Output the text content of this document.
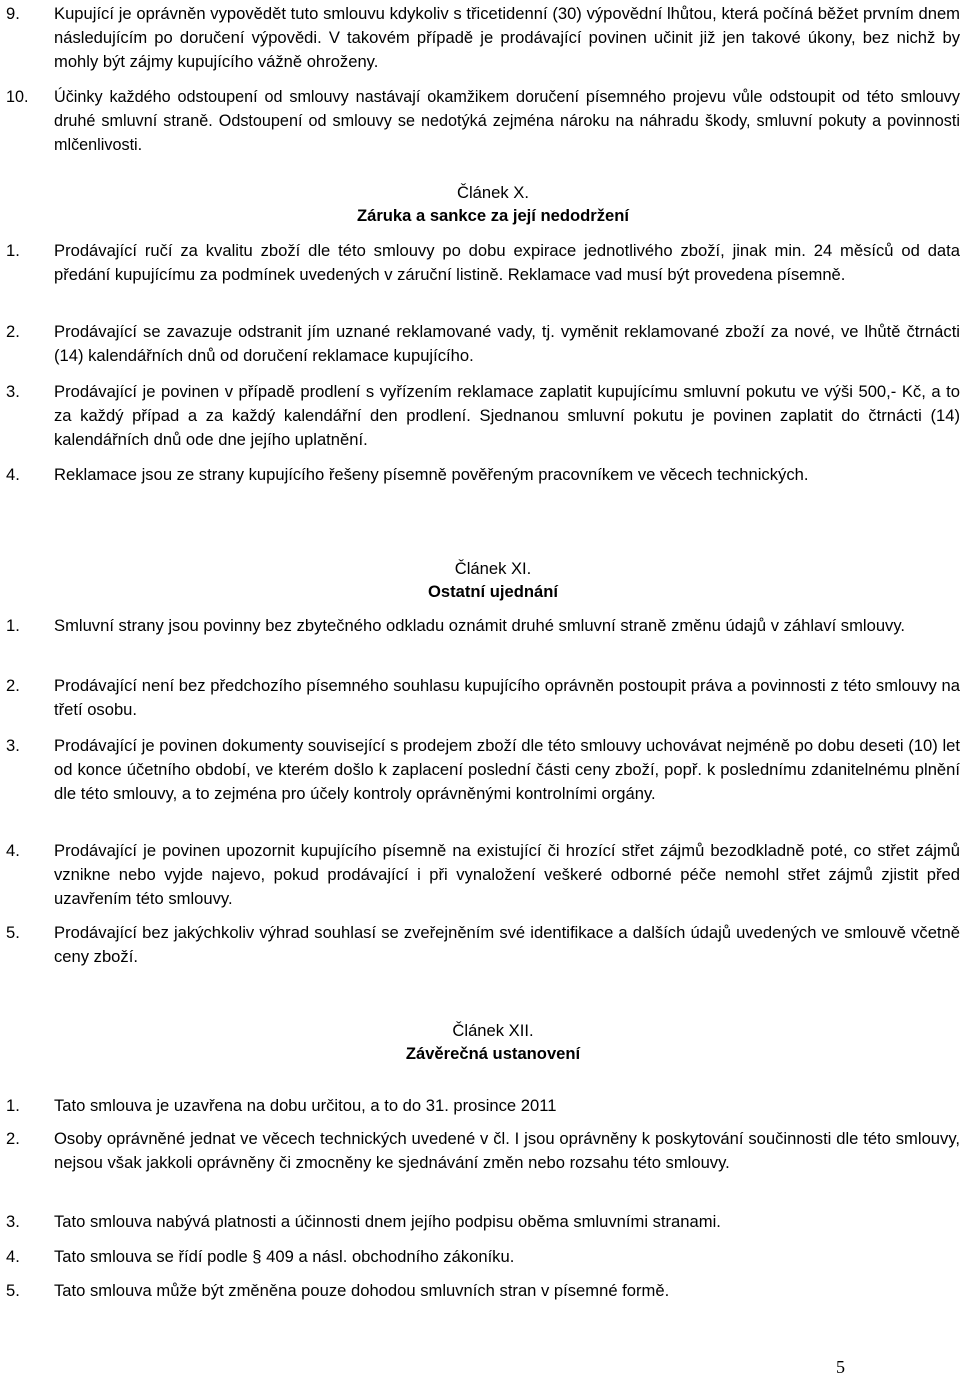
9. Kupující je oprávněn vypovědět tuto smlouvu kdykoliv s třicetidenní (30) výpovědní lhůtou, která počíná běžet prvním dnem následujícím po doručení výpovědi. V takovém případě je prodávající povinen učinit již jen takové úkony, bez nichž by mohly být zájmy kupujícího vážně ohroženy.
10. Účinky každého odstoupení od smlouvy nastávají okamžikem doručení písemného projevu vůle odstoupit od této smlouvy druhé smluvní straně. Odstoupení od smlouvy se nedotýká zejména nároku na náhradu škody, smluvní pokuty a povinnosti mlčenlivosti.
Článek X.
Záruka a sankce za její nedodržení
1. Prodávající ručí za kvalitu zboží dle této smlouvy po dobu expirace jednotlivého zboží, jinak min. 24 měsíců od data předání kupujícímu za podmínek uvedených v záruční listině. Reklamace vad musí být provedena písemně.
2. Prodávající se zavazuje odstranit jím uznané reklamované vady, tj. vyměnit reklamované zboží za nové, ve lhůtě čtrnácti (14) kalendářních dnů od doručení reklamace kupujícího.
3. Prodávající je povinen v případě prodlení s vyřízením reklamace zaplatit kupujícímu smluvní pokutu ve výši 500,- Kč, a to za každý případ a za každý kalendářní den prodlení. Sjednanou smluvní pokutu je povinen zaplatit do čtrnácti (14) kalendářních dnů ode dne jejího uplatnění.
4. Reklamace jsou ze strany kupujícího řešeny písemně pověřeným pracovníkem ve věcech technických.
Článek XI.
Ostatní ujednání
1. Smluvní strany jsou povinny bez zbytečného odkladu oznámit druhé smluvní straně změnu údajů v záhlaví smlouvy.
2. Prodávající není bez předchozího písemného souhlasu kupujícího oprávněn postoupit práva a povinnosti z této smlouvy na třetí osobu.
3. Prodávající je povinen dokumenty související s prodejem zboží dle této smlouvy uchovávat nejméně po dobu deseti (10) let od konce účetního období, ve kterém došlo k zaplacení poslední části ceny zboží, popř. k poslednímu zdanitelnému plnění dle této smlouvy, a to zejména pro účely kontroly oprávněnými kontrolními orgány.
4. Prodávající je povinen upozornit kupujícího písemně na existující či hrozící střet zájmů bezodkladně poté, co střet zájmů vznikne nebo vyjde najevo, pokud prodávající i při vynaložení veškeré odborné péče nemohl střet zájmů zjistit před uzavřením této smlouvy.
5. Prodávající bez jakýchkoliv výhrad souhlasí se zveřejněním své identifikace a dalších údajů uvedených ve smlouvě včetně ceny zboží.
Článek XII.
Závěrečná ustanovení
1. Tato smlouva je uzavřena na dobu určitou, a to do 31. prosince 2011
2. Osoby oprávněné jednat ve věcech technických uvedené v čl. I jsou oprávněny k poskytování součinnosti dle této smlouvy, nejsou však jakkoli oprávněny či zmocněny ke sjednávání změn nebo rozsahu této smlouvy.
3. Tato smlouva nabývá platnosti a účinnosti dnem jejího podpisu oběma smluvními stranami.
4. Tato smlouva se řídí podle § 409 a násl. obchodního zákoníku.
5. Tato smlouva může být změněna pouze dohodou smluvních stran v písemné formě.
5
